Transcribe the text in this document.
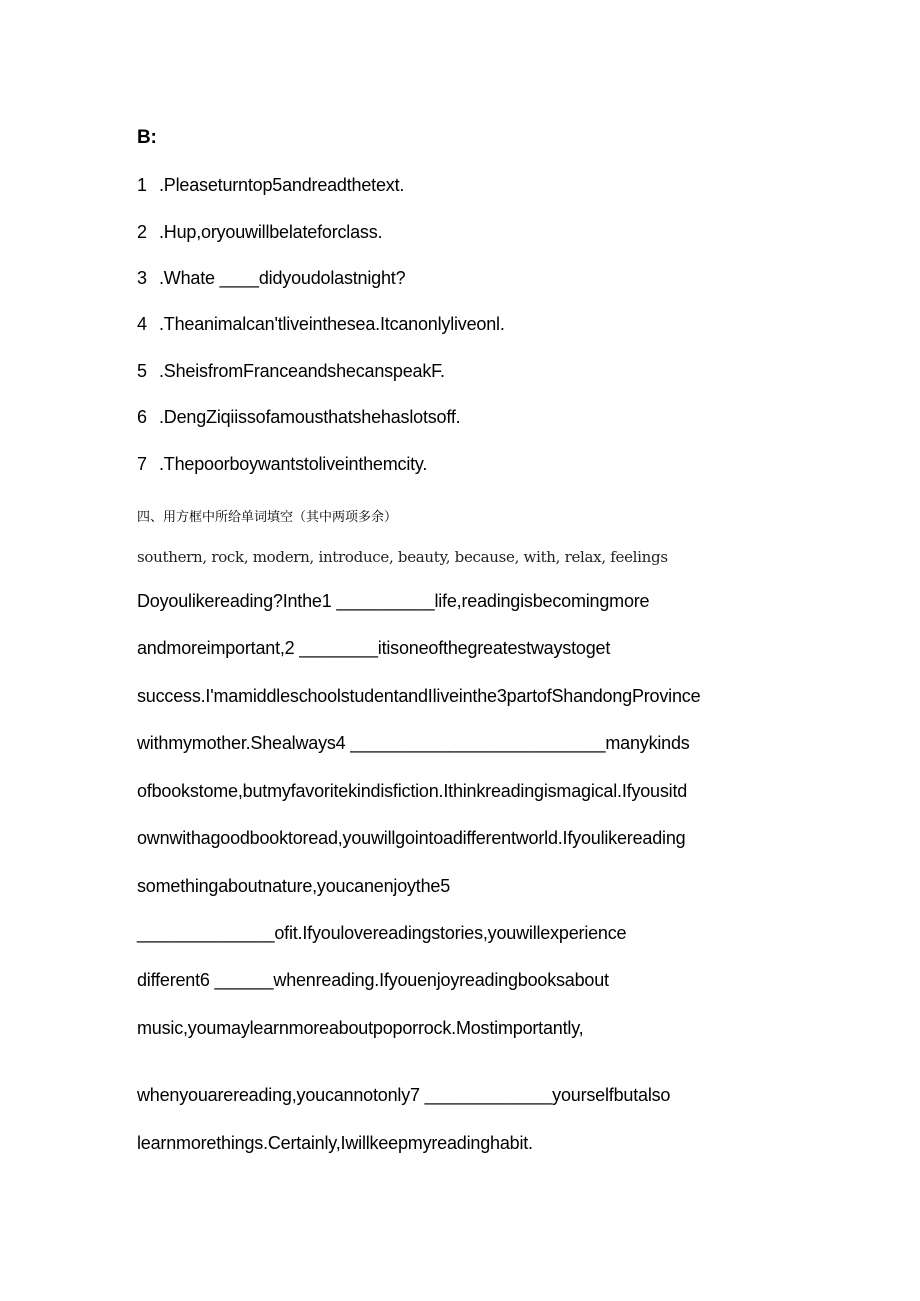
B:
1 .Pleaseturntop5andreadthetext.
2 .Hup,oryouwillbelateforclass.
3 .Whate ____didyoudolastnight?
4 .Theanimalcan'tliveinthesea.Itcanonlyliveonl.
5 .SheisfromFranceandshecanspeakF.
6 .DengZiqiissofamousthatshehaslotsoff.
7 .Thepoorboywantstoliveinthemcity.
四、用方框中所给单词填空（其中两项多余）
southern, rock, modern, introduce, beauty, because, with, relax, feelings
Doyoulikereading?Inthe1 __________life,readingisbecomingmore
andmoreimportant,2 ________itisoneofthegreatestwaystoget
success.I'mamiddleschoolstudentandIliveinthe3partofShandongProvince
withmymother.Shealways4 __________________________manykinds
ofbookstome,butmyfavoritekindisfiction.Ithinkreadingismagical.Ifyousitd
ownwithagoodbooktoread,youwillgointoadifferentworld.Ifyoulikereading
somethingaboutnature,youcanenjoythe5
______________ofit.Ifyoulovereadingstories,youwillexperience
different6 ______whenreading.Ifyouenjoyreadingbooksabout
music,youmaylearnmoreaboutpoporrock.Mostimportantly,
whenyouarereading,youcannotonly7 _____________yourselfbutalso
learnmorethings.Certainly,Iwillkeepmyreadinghabit.
